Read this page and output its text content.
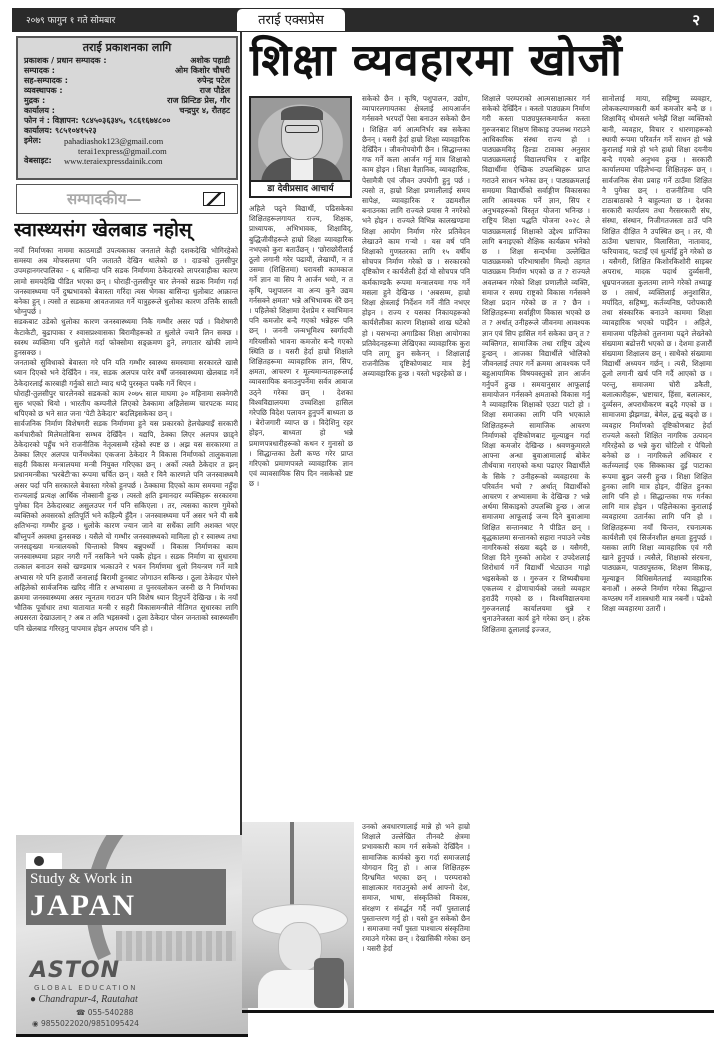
२०७९ फागुन १ गते सोमबार	तराई एक्सप्रेस	२
तराई प्रकाशनका लागि
प्रकाशक / प्रधान सम्पादक :	अशोक पहाडी
सम्पादक :	ओम किशोर चौधरी
सह-सम्पादक :	रुपेन्द्र पटेल
व्यवस्थापक :	राज पौडेल
मुद्रक :	राज प्रिन्टिङ प्रेस, गौर
कार्यालय :	चन्द्रपुर ४, रौतहट
फोन नं : विज्ञापन: ९८४५०३६३४५, ९८६१६७४८००
कार्यालय: ९८५१०४१५२३
इमेल:	pahadiashok123@gmail.com
terai1express@gmail.com
वेबसाइट:	www.teraiexpressdainik.com
सम्पादकीय—
स्वास्थ्यसंग खेलबाड नहोस्

नयाँ निर्माणका नाममा काठमाडौं उपत्यकाका जनताले केही दशकदेखि भोगिरहेको समस्या अब मोफसलमा पनि जताततै देखिन थालेको छ । दाङको तुलसीपुर उपमहानगरपालिका - ६ बासिन्दा पनि सडक निर्माणमा ठेकेदारको लापरवाहीका कारण लामो समयदेखि पीडित भएका छन् । घोराही-तुलसीपुर चार लेनको सडक निर्माण गर्दा जनस्वास्थ्यमा पर्ने दुष्प्रभावको बेवास्ता गरिंदा त्यस भेगका बासिन्दा धुलोबाट आक्रान्त बनेका हुन् । त्यसो त सडकमा आवतजावत गर्ने यात्रुहरूले धुलोका कारण उत्तिकै सास्ती भोग्नुपर्छ ।

सडकबाट उडेको धुलोका कारण जनस्वास्थ्यमा निकै गम्भीर असर पर्छ । विशेषगरी केटाकेटी, बुढापाका र श्वासप्रश्वासका बिरामीहरूको त धुलोले ज्यानै लिन सक्छ । स्वस्थ व्यक्तिमा पनि धुलोले गर्दा फोक्सोमा सङ्क्रमण हुने, लगातार खोकी लाग्ने हुनसक्छ ।

जनताको सुविधाको बेवास्ता गरे पनि यति गम्भीर स्वास्थ्य समस्यामा सरकारले खासै ध्यान दिएको भने देखिँदैन । नत्र, सडक अलपत्र पारेर वर्षौं जनस्वास्थ्यमा खेलबाड गर्ने ठेकेदारलाई कारबाही गर्नुको साटो म्याद थप्दै पुरस्कृत पक्कै गर्ने थिएन ।

घोराही-तुलसीपुर चारलेनको सडकको काम २०७५ साल माघमा ३० महिनामा सक्नेगरी सुरु भएको थियो । भारतीय कम्पनीले लिएको ठेक्कामा अहिलेसम्म चारपटक म्याद थपिएको छ भने सात जना 'पेटी ठेकेदार' बदलिइसकेका छन् ।

सार्वजनिक निर्माण विशेषगरी सडक निर्माणमा हुने यस प्रकारको हेलचेक्र्याइँ सरकारी कर्मचारीको मिलेमतोबिना सम्भव देखिँदैन । यद्यपि, ठेक्का लिएर अलपत्र छाड्ने ठेकेदारको पहुँच भने राजनीतिक नेतृत्वसम्मै रहेको स्पष्ट छ । अझ यस सरकारमा त ठेक्का लिएर अलपत्र पार्नेमध्येका एकजना ठेकेदार नै विकास निर्माणको तालुकवाला सहरी विकास मन्त्रालयमा मन्त्री नियुक्त गरिएका छन् । अर्को त्यस्तै ठेकेदार त झन् प्रधानमन्त्रीका 'घरबेटी'का रूपमा चर्चित छन् । यस्तै र यिनै कारणले पनि जनस्वास्थ्यमै असर पर्दा पनि सरकारले बेवास्ता गरेको हुनपर्छ । ठेक्कामा दिएको काम समयमा नहुँदा राज्यलाई प्रत्यक्ष आर्थिक नोक्सानी हुन्छ । त्यस्तो क्षति इमानदार व्यक्तिहरू सरकारमा पुगेका दिन ठेकेदारबाट असुलउपर गर्न पनि सकिएला । तर, त्यसका कारण गुमेको व्यक्तिको अवसरको क्षतिपूर्ति भने कहिल्यै हुँदैन । जनस्वास्थ्यमा पर्ने असर भने यी सबै क्षतिभन्दा गम्भीर हुन्छ । धुलोके कारण ज्यान जाने वा सधैंका लागि अशक्त भएर बाँच्नुपर्ने अवस्था हुनसक्छ । यसैले यो गम्भीर जनस्वास्थ्यको मामिला हो र स्वास्थ्य तथा जनसङ्ख्या मन्त्रालयको चिन्ताको विषय बन्नुपर्थ्यो । विकास निर्माणका काम जनस्वास्थ्यमा प्रहार नगरी गर्ने नसकिने भने पक्कै होइन । सडक निर्माण वा सुधारमा तत्काल बनाउन सको खण्डमात्र भत्काउने र भवन निर्माणमा धुलो नियन्त्रण गर्ने मात्रै अभ्यास गरे पनि हजारौं जनालाई बिरामी हुनबाट जोगाउन सकिन्छ । ठूला ठेकेदार पोस्ने अहिलेको सार्वजनिक खरिद नीति र अभ्यासमा त पुनरवलोकन जरुरी छ नै निर्माणका क्रममा जनस्वास्थ्यमा असर न्यूनतम गराउन पनि विशेष ध्यान दिनुपर्ने देखिन्छ । के नयाँ भौतिक पूर्वाधार तथा यातायात मन्त्री र सहरी विकासमन्त्रीले नीतिगत सुधारका लागि अग्रसरता देखाउलान् ? अब त अति भइसक्यो । ठूला ठेकेदार पोस्न जनताको स्वास्थ्यसँग पनि खेलबाड गरिरहनु पापमात्र होइन अपराध पनि हो ।

Study & Work in
JAPAN
ASTON
GLOBAL EDUCATION
● Chandrapur-4, Rautahat
☎ 055-540288
◉ 9855022020/9851095424
शिक्षा व्यवहारमा खोजौं
डा देवीप्रसाद आचार्य

अहिले पढ्ने विद्यार्थी, पढिसकेका शिक्षितहरूलगायत राज्य, शिक्षक, प्राध्यापक, अभिभावक, शिक्षाविद्, बुद्धिजीवीहरूले हाम्रो शिक्षा व्यावहारिक नभएको कुरा बताउँछन् । 'छोराछोरीलाई ठूलो लगानी गरेर पढायौं, लेखायौं, न त उसमा (शिक्षितमा) घरायसी कामकाज गर्ने ज्ञान वा सिप नै आर्जन भयो, न त कृषि, पशुपालन वा अन्य कुनै उद्यम गर्नसक्ने क्षमता' भन्ने अभिभावक धेरै छन् । पहिलेको शिक्षामा देशप्रेम र स्वाभिमान पनि कमजोर बन्दै गएको भन्नेहरू पनि छन् । जननी जन्मभूमिश्च स्वर्गादपी गरियसीको भावना कमजोर बन्दै गएको स्थिति छ । यसरी हेर्दा हाम्रो शिक्षाले शिक्षितहरूमा व्यावहारिक ज्ञान, सिप, क्षमता, आचरण र मूल्यमान्यताहरूलाई व्यावसायिक बनाउनुपर्नेमा सर्वत्र आवाज उठ्ने गरेका छन् । देशका विश्वविद्यालयमा उच्चशिक्षा हासिल गरेपछि विदेश पलायन हुनुपर्ने बाध्यता छ । बेरोजगारी व्याप्त छ । विदेशिनु रहर होइन, बाध्यता हो भन्ने प्रमाणपत्रधारीहरूको कथन र गुनासो छ । सिद्धान्तका ठेली कण्ठ गरेर प्राप्त गरिएको प्रमाणपत्रले व्यावहारिक ज्ञान एवं व्यावसायिक सिप दिन नसकेको प्रष्ट छ ।

सकेको छैन । कृषि, पशुपालन, उद्योग, व्यापारलगायतका क्षेत्रलाई आयआर्जन गर्नसक्ने भरपर्दो पेसा बनाउन सकेको छैन । शिक्षित वर्ग आत्मनिर्भर बन्न सकेका छैनन् । यसरी हेर्दा हाम्रो शिक्षा व्यावहारिक देखिँदैन । जीवनोपयोगी छैन । सिद्धान्तका गफ गर्ने कला आर्जन गर्नु मात्र शिक्षाको काम होइन । शिक्षा वैज्ञानिक, व्यावहारिक, पेसामैत्री एवं जीवन उपयोगी हुनु पर्छ । त्यसो त, हाम्रो शिक्षा प्रणालीलाई समय सापेक्ष, व्यावहारिक र उद्यमशील बनाउनका लागि राज्यले प्रयास नै नगरेको भने होइन । राज्यले विभिन्न कालखण्डमा शिक्षा आयोग निर्माण गरेर प्रतिवेदन लेखाउने काम गर्‍यो । यस वर्ष पनि शिक्षाको गुणस्तरका लागि १५ वर्षीय सोचपत्र निर्माण गरेको छ । सरकारको दृष्टिकोण र कार्यशैली हेर्दा यो सोचपत्र पनि कर्मकाण्डकै रूपमा मन्त्रालयमा गफ गर्ने मसला हुने देखिन्छ । 'अबसम्म, हाम्रो शिक्षा क्षेत्रलाई निर्देशन गर्ने नीति नभएर होइन । राज्य र यसका निकायहरूको कार्यशैलीका कारण शिक्षाको शाख घटेको हो । यसभन्दा अगाडिका शिक्षा आयोगका प्रतिवेदनहरूमा लेखिएका व्यावहारिक कुरा पनि लागू हुन सकेनन् । शिक्षालाई राजनीतिक दृष्टिकोणबाट मात्र हेर्नु अव्यावहारिक हुन्छ । यस्तो भइरहेको छ ।

उनको अवधारणालाई मान्ने हो भने हाम्रो शिक्षाले उल्लेखित तीनवटै क्षेत्रमा प्रभावकारी काम गर्न सकेको देखिँदैन । सामाजिक कार्यको कुरा गर्दा समाजलाई योगदान दिनु हो । आज शिक्षितहरू दिग्भ्रमित भएका छन् । परम्पराको साक्षात्कार गराउनुको अर्थ आफ्नो देश, समाज, भाषा, संस्कृतिको विकास, संरक्षण र संवर्द्धन गर्दै नयाँ पुस्तालाई पुस्तान्तरण गर्नु हो । यसो हुन सकेको छैन । समाजमा नयाँ पुस्ता पाश्चात्य संस्कृतिमा रमाउने गरेका छन् । देखासिकी गरेका छन् । यसरी हेर्दा

शिक्षाले परम्पराको आत्मसाक्षात्कार गर्न सकेको देखिँदैन । कस्तो पाठ्यक्रम निर्माण गरी कस्ता पाठ्यपुस्तकमार्फत कस्ता गुरुजनबाट शिक्षण सिकाइ उपलब्ध गराउने आधिकारिक संस्था राज्य हो । पाठ्यक्रमविद् हिल्डा टावाका अनुसार पाठ्यक्रमलाई विद्यालयभित्र र बाहिर विद्यार्थीमा ऐच्छिक उपलब्धिहरू प्राप्त गराउने साधन भनेका छन् । पाठ्यक्रमलाई समग्रमा विद्यार्थीको सर्वाङ्गीण विकासका लागि आवश्यक पर्ने ज्ञान, सिप र अनुभवहरूको विस्तृत योजना भनिन्छ । राष्ट्रिय शिक्षा पद्धति योजना २०२८ ले पाठ्यक्रमलाई शिक्षाको उद्देश्य प्राप्तिका लागि बनाइएको शैक्षिक कार्यक्रम भनेको छ । शिक्षा सन्दर्भमा उल्लेखित पाठ्यक्रमको परिभाषासँग मिल्दो तहगत पाठ्यक्रम निर्माण भएको छ त ? राज्यले अवलम्बन गरेको शिक्षा प्रणालीले व्यक्ति, समाज र समग्र राष्ट्रको विकास गर्नसक्ने शिक्षा प्रदान गरेको छ त ? छैन । शिक्षितहरूमा सर्वाङ्गीण विकास भएको छ त ? अर्थात् उनीहरूले जीवनमा आवश्यक ज्ञान एवं सिप हासिल गर्न सकेका छन् त ? व्यक्तिगत, सामाजिक तथा राष्ट्रिय उद्देश्य हुन्छन् । आजका विद्यार्थीले भोलिको जीवनलाई तयार गर्ने क्रममा आवश्यक पर्ने बहुआयामिक विषयवस्तुको ज्ञान आर्जन गर्नुपर्ने हुन्छ । समयानुसार आफूलाई समायोजन गर्नसक्ने क्षमताको विकास गर्नु नै व्यावहारिक शिक्षाको एउटा पाटो हो । शिक्षा समाजका लागि पनि भएकाले शिक्षितहरूले सामाजिक आचरण निर्माणको दृष्टिकोणबाट मूल्याङ्कन गर्दा शिक्षा कमजोर देखिन्छ । श्रवणकुमारले आफ्ना अन्धा बुवाआमालाई बोकेर तीर्थयात्रा गराएको कथा पढाएर विद्यार्थीले के सिके ? उनीहरूको व्यवहारमा के परिवर्तन भयो ? अर्थात् विद्यार्थीको आचरण र अभ्यासमा के देखिन्छ ? भन्ने अर्थमा सिकाइको उपलब्धि हुन्छ । आज समाजमा आफूलाई जन्म दिने बुवाआमा शिक्षित सन्तानबाट नै पीडित छन् । बृद्धकालमा सन्तानको सहारा नपाउने ज्येष्ठ नागरिकको संख्या बढ्दै छ । यसैगरी, शिक्षा दिने गुरुको आदेश र उपदेशलाई शिरोधार्य गर्ने विद्यार्थी भेट्याउन गाह्रो भइसकेको छ । गुरुजन र शिष्यबीचमा एकलव्य र द्रोणाचार्यको जस्तो व्यवहार हराउँदै गएको छ । विश्वविद्यालयमा गुरुजनलाई कार्यालयमा थुन्ने र थुनाउनेजस्ता कार्य हुने गरेका छन् । हरेक शिक्षितमा ठूलालाई इज्जत,

सानोलाई माया, सहिष्णु व्यवहार, लोककल्याणकारी कर्म कमजोर बन्दै छ । शिक्षाविद् थोमसले भनेझैं शिक्षा व्यक्तिको बानी, व्यवहार, विचार र धारणाहरूको स्थायी रूपमा परिवर्तन गर्ने साधन हो भन्ने कुरालाई मान्ने हो भने हाम्रो शिक्षा दयनीय बन्दै गएको अनुभव हुन्छ । सरकारी कार्यालयमा पहिलेभन्दा शिक्षितहरू छन् । सार्वजनिक सेवा प्रवाह गर्ने ठाउँमा शिक्षित नै पुगेका छन् । राजनीतिमा पनि टाठाबाठाको नै बाहुल्यता छ । देशका सरकारी कार्यालय तथा गैरसरकारी संघ, संस्था, संस्थान, निजीगतजस्ता ठाउँ पनि शिक्षित दीक्षित नै उपस्थित छन् । तर, यी ठाउँमा भ्रष्टाचार, विलासिता, नातावाद, फरियावाद, फटाइँ एवं धुर्त्याइँ हुने गरेको छ । यसैगरी, शिक्षित किशोरकिशोरी साइबर अपराध, मादक पदार्थ दुर्व्यसनी, धूम्रपानजस्ता कुलतमा लाग्ने गरेको तथ्याङ्क छ । तसर्थ, व्यक्तिलाई अनुशासित, मर्यादित, सहिष्णु, कर्तव्यनिष्ठ, परोपकारी तथा संस्कारिक बनाउने काममा शिक्षा व्यावहारिक भएको पाइँदैन । अहिले, समाजमा पहिलेको तुलनामा पढ्ने लेख्नेको संख्यामा बढोत्तरी भएको छ । देशमा हजारौं संख्यामा शिक्षालय छन् । साथैको संख्यामा विद्यार्थी अध्ययन गर्छन् । त्यसै, शिक्षामा ठूलो लगानी खर्च पनि गर्दै आएको छ । परन्तु, समाजमा चोरी डकैती, बलात्कारीहरू, भ्रष्टाचार, हिंसा, बलात्कार, दुर्व्यसन, अपराधीकरण बढ्दै गएको छ । सामाजमा झैझगडा, बेमेल, द्वन्द्व बढ्दो छ । व्यवहार निर्माणको दृष्टिकोणबाट हेर्दा राज्यले कस्तो शिक्षित नागरिक उत्पादन गरिरहेको छ भन्ने कुरा चोटिलो र पेचिलो बनेको छ । नागरिकले अधिकार र कर्तव्यलाई एक सिक्काका दुई पाटाका रूपमा बुझ्न जरुरी हुन्छ । शिक्षा शिक्षित हुनका लागि मात्र होइन, दीक्षित हुनका लागि पनि हो । सिद्धान्तका गफ गर्नका लागि मात्र होइन । पहिलेकाका कुरालाई व्यवहारमा उतार्नका लागि पनि हो । शिक्षितहरूमा नयाँ चिन्तन, रचनात्मक कार्यशैली एवं सिर्जनशील क्षमता हुनुपर्छ । यसका लागि शिक्षा व्यावहारिक एवं गरी खाने हुनुपर्छ । त्यसैले, शिक्षाको संरचना, पाठ्यक्रम, पाठ्यपुस्तक, शिक्षण सिकाइ, मूल्याङ्कन विधिसमेतलाई व्यावहारिक बनाऔं । अरूले निर्माण गरेका सिद्धान्त कण्ठस्थ गर्ने शास्त्रधारी मात्र नबनौं । पढेको शिक्षा व्यवहारमा उतारौं ।
